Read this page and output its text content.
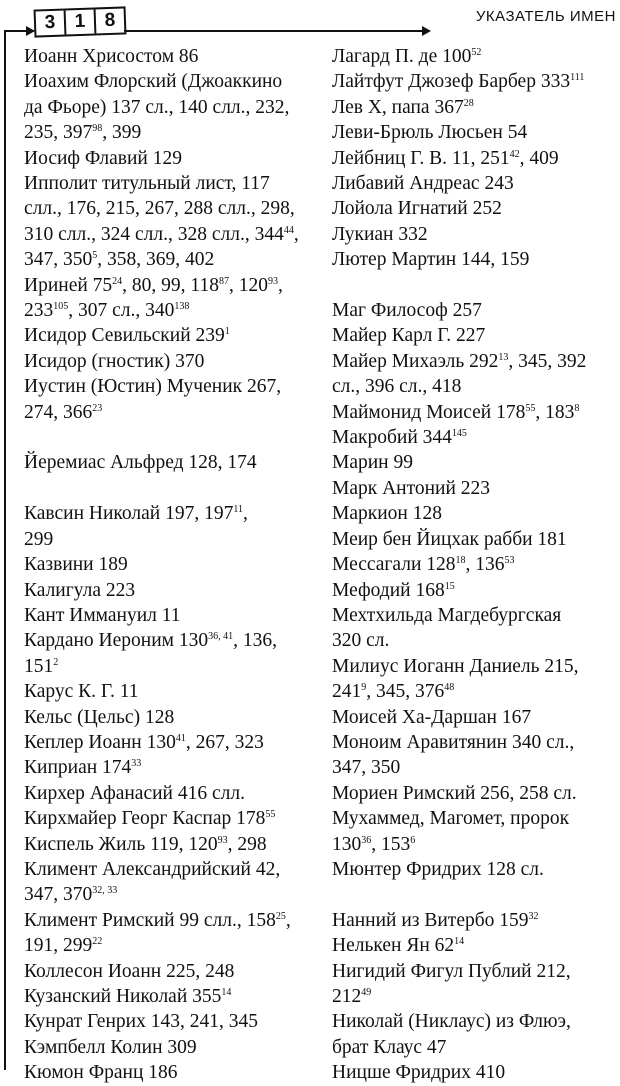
3 1 8	УКАЗАТЕЛЬ ИМЕН
Иоанн Хрисостом 86
Иоахим Флорский (Джоаккино
да Фьоре) 137 сл., 140 слл., 232,
235, $397^{98}$, 399
Иосиф Флавий 129
Ипполит титульный лист, 117
слл., 176, 215, 267, 288 слл., 298,
310 слл., 324 слл., 328 слл., $344^{44}$,
347, $350^5$, 358, 369, 402
Ириней $75^{24}$, 80, 99, $118^{87}$, $120^{93}$,
$233^{105}$, 307 сл., $340^{138}$
Исидор Севильский $239^1$
Исидор (гностик) 370
Иустин (Юстин) Мученик 267,
274, $366^{23}$
Йеремиас Альфред 128, 174
Кавсин Николай 197, $197^{11}$,
299
Казвини 189
Калигула 223
Кант Иммануил 11
Кардано Иероним 130$^{36, 41}$, 136,
$151^2$
Карус К. Г. 11
Кельс (Цельс) 128
Кеплер Иоанн $130^{41}$, 267, 323
Киприан $174^{33}$
Кирхер Афанасий 416 слл.
Кирхмайер Георг Каспар $178^{55}$
Киспель Жиль 119, $120^{93}$, 298
Климент Александрийский 42,
347, 370$^{32, 33}$
Климент Римский 99 слл., $158^{25}$,
191, $299^{22}$
Коллесон Иоанн 225, 248
Кузанский Николай $355^{14}$
Кунрат Генрих 143, 241, 345
Кэмпбелл Колин 309
Кюмон Франц 186
Лагард П. де $100^{52}$
Лайтфут Джозеф Барбер $333^{111}$
Лев X, папа $367^{28}$
Леви-Брюль Люсьен 54
Лейбниц Г. В. 11, $251^{42}$, 409
Либавий Андреас 243
Лойола Игнатий 252
Лукиан 332
Лютер Мартин 144, 159
Маг Философ 257
Майер Карл Г. 227
Майер Михаэль $292^{13}$, 345, 392
сл., 396 сл., 418
Маймонид Моисей $178^{55}$, $183^8$
Макробий $344^{145}$
Марин 99
Марк Антоний 223
Маркион 128
Меир бен Йицхак рабби 181
Мессагали $128^{18}$, $136^{53}$
Мефодий $168^{15}$
Мехтхильда Магдебургская
320 сл.
Милиус Иоганн Даниель 215,
$241^9$, 345, $376^{48}$
Моисей Ха-Даршан 167
Моноим Аравитянин 340 сл.,
347, 350
Мориен Римский 256, 258 сл.
Мухаммед, Магомет, пророк
$130^{36}$, $153^6$
Мюнтер Фридрих 128 сл.
Нанний из Витербо $159^{32}$
Нелькен Ян $62^{14}$
Нигидий Фигул Публий 212,
$212^{49}$
Николай (Никлаус) из Флюэ,
брат Клаус 47
Ницше Фридрих 410
